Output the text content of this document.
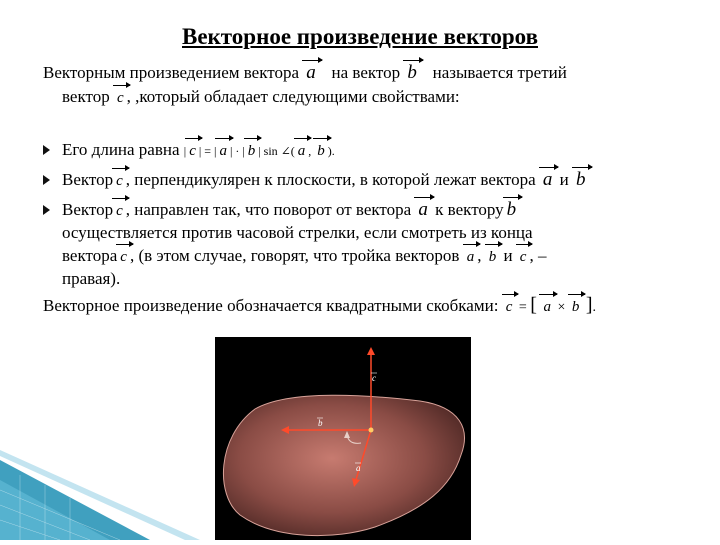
Векторное произведение векторов
Векторным произведением вектора a на вектор b называется третий
вектор c , ,который обладает следующими свойствами:
Его длина равна | c | = | a | · | b | sin ∠( a , b ).
Вектор c , перпендикулярен к плоскости, в которой лежат вектора a и b
Вектор c , направлен так, что поворот от вектора a к вектору b
осуществляется против часовой стрелки, если смотреть из конца
вектора c , (в этом случае, говорят, что тройка векторов a , b и c , –
правая).
Векторное произведение обозначается квадратными скобками: c = [ a × b ].
c
b
a
